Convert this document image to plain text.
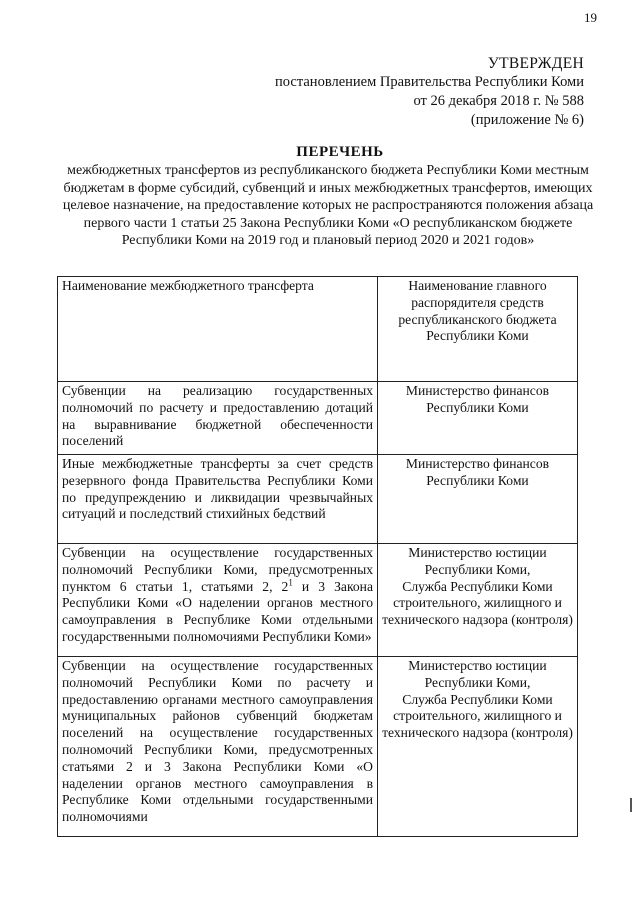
19
УТВЕРЖДЕН
постановлением Правительства Республики Коми
от 26 декабря 2018 г. № 588
(приложение № 6)
ПЕРЕЧЕНЬ
межбюджетных трансфертов из республиканского бюджета Республики Коми местным бюджетам в форме субсидий, субвенций и иных межбюджетных трансфертов, имеющих целевое назначение, на предоставление которых не распространяются положения абзаца первого части 1 статьи 25 Закона Республики Коми «О республиканском бюджете Республики Коми на 2019 год и плановый период 2020 и 2021 годов»
Наименование межбюджетного трансферта	Наименование главного распорядителя средств республиканского бюджета Республики Коми
Субвенции на реализацию государственных полномочий по расчету и предоставлению дотаций на выравнивание бюджетной обеспеченности поселений	Министерство финансов Республики Коми
Иные межбюджетные трансферты за счет средств резервного фонда Правительства Республики Коми по предупреждению и ликвидации чрезвычайных ситуаций и последствий стихийных бедствий	Министерство финансов Республики Коми
Субвенции на осуществление государственных полномочий Республики Коми, предусмотренных пунктом 6 статьи 1, статьями 2, $2^1$ и 3 Закона Республики Коми «О наделении органов местного самоуправления в Республике Коми отдельными государственными полномочиями Республики Коми»	Министерство юстиции Республики Коми,
Служба Республики Коми строительного, жилищного и технического надзора (контроля)

Субвенции на осуществление государственных полномочий Республики Коми по расчету и предоставлению органами местного самоуправления муниципальных районов субвенций бюджетам поселений на осуществление государственных полномочий Республики Коми, предусмотренных статьями 2 и 3 Закона Республики Коми «О наделении органов местного самоуправления в Республике Коми отдельными государственными полномочиями	Министерство юстиции Республики Коми,
Служба Республики Коми строительного, жилищного и технического надзора (контроля)
